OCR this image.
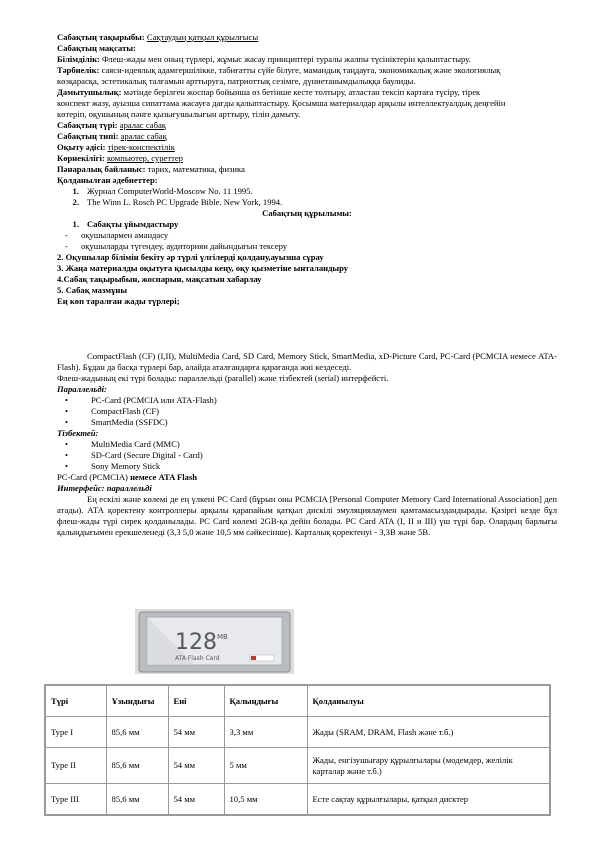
Сабақтың тақырыбы: Сақтаудың қатқыл құрылғысы
Сабақтың мақсаты:
Білімділік: Флеш-жады мен оның түрлері, жұмыс жасау принциптері туралы жалпы түсініктерін қалыптастыру.
Тәрбиелік: саяси-идеялық адамгершілікке, табиғатты сүйе білуге, мамандық таңдауға, экономикалық және экологиялық
көзқарасқа, эстетикалық талғамын арттыруға, патриоттық сезімге, дүниетанымдылыққа баулиды.
Дамытушылық: мәтінде берілген жоспар бойынша өз бетінше кесте толтыру, атластан тексіп картаға түсіру, тірек
конспект жазу, ауызша сипаттама жасауға дағды қалыптастыру. Қосымша материалдар арқылы интеллектуалдық деңгейін
көтеріп, оқушының пәнге қызығушылығын арттыру, тілін дамыту.
Сабақтың түрі: аралас сабақ
Сабақтың типі: аралас сабақ
Оқыту әдісі: тірек-конспектілік
Көрнекілігі: компьютер, суреттер
Пәнаралық байланыс: тарих, математика, физика
Қолданылған әдебиеттер:
1. Журнал ComputerWorld-Moscow No. 11 1995.
2. The Winn L. Rosch PC Upgrade Bible. New York, 1994.
Сабақтың құрылымы:
1. Сабақты ұйымдастыру
- оқушылармен амандасу
- оқушыларды түгендеу, аудиторияи дайындығын тексеру
2. Оқушылар білімін бекіту әр түрлі үлгілерді қолдану,ауызша сұрау
3. Жаңа материалды оқытуға қысылды кеңу, оқу қызметіне ынталандыру
4.Сабақ тақырыбын, жоспарын, мақсатын хабарлау
5. Сабақ мазмұны
Ең көп таралған жады түрлері;
CompactFlash (CF) (I,II), MultiMedia Card, SD Card, Memory Stick, SmartMedia, xD-Picture Card, PC-Card (PCMCIA немесе ATA-Flash). Бұдан да басқа түрлері бар, алайда аталғандарға қарағанда жиі кездеседі.
Флеш-жадының екі түрі болады: параллельді (parallel) және тізбектей (serial) интерфейсті.
Параллельді:
•	PC-Card (PCMCIA или ATA-Flash)
•	CompactFlash (CF)
•	SmartMedia (SSFDC)
Тізбектей:
•	MultiMedia Card (MMC)
•	SD-Card (Secure Digital - Card)
•	Sony Memory Stick
PC-Card (PCMCIA) немесе ATA Flash
Интерфейс: параллельді
Ең ескілі және көлемі де ең үлкені PC Card (бұрын оны PCMCIA [Personal Computer Memory Card International Association] деп атады). АТА қоректену контроллеры арқылы қарапайым қатқыл дискілі эмуляциялаумен қамтамасыздандырады. Қазіргі кезде бұл флеш-жады түрі сирек қолданылады. PC Card көлемі 2GB-қа дейін болады. PC Card ATA (I, II и III) үш түрі бар. Олардың барлығы қалыңдығымен ерекшеленеді (3,3 5,0 және 10,5 мм сәйкесінше). Карталық қоректенуі - 3,3В және 5В.
128 MB
ATA Flash Card
Түрі	Ұзындығы	Ені	Қалыңдығы	Қолданылуы
Type I	85,6 мм	54 мм	3,3 мм	Жады (SRAM, DRAM, Flash және т.б.)
Type II	85,6 мм	54 мм	5 мм	Жады, енгізушығару құрылғылары (модемдер, желілік карталар және т.б.)
Type III	85,6 мм	54 мм	10,5 мм	Есте сақтау құрылғылары, қатқыл дисктер
